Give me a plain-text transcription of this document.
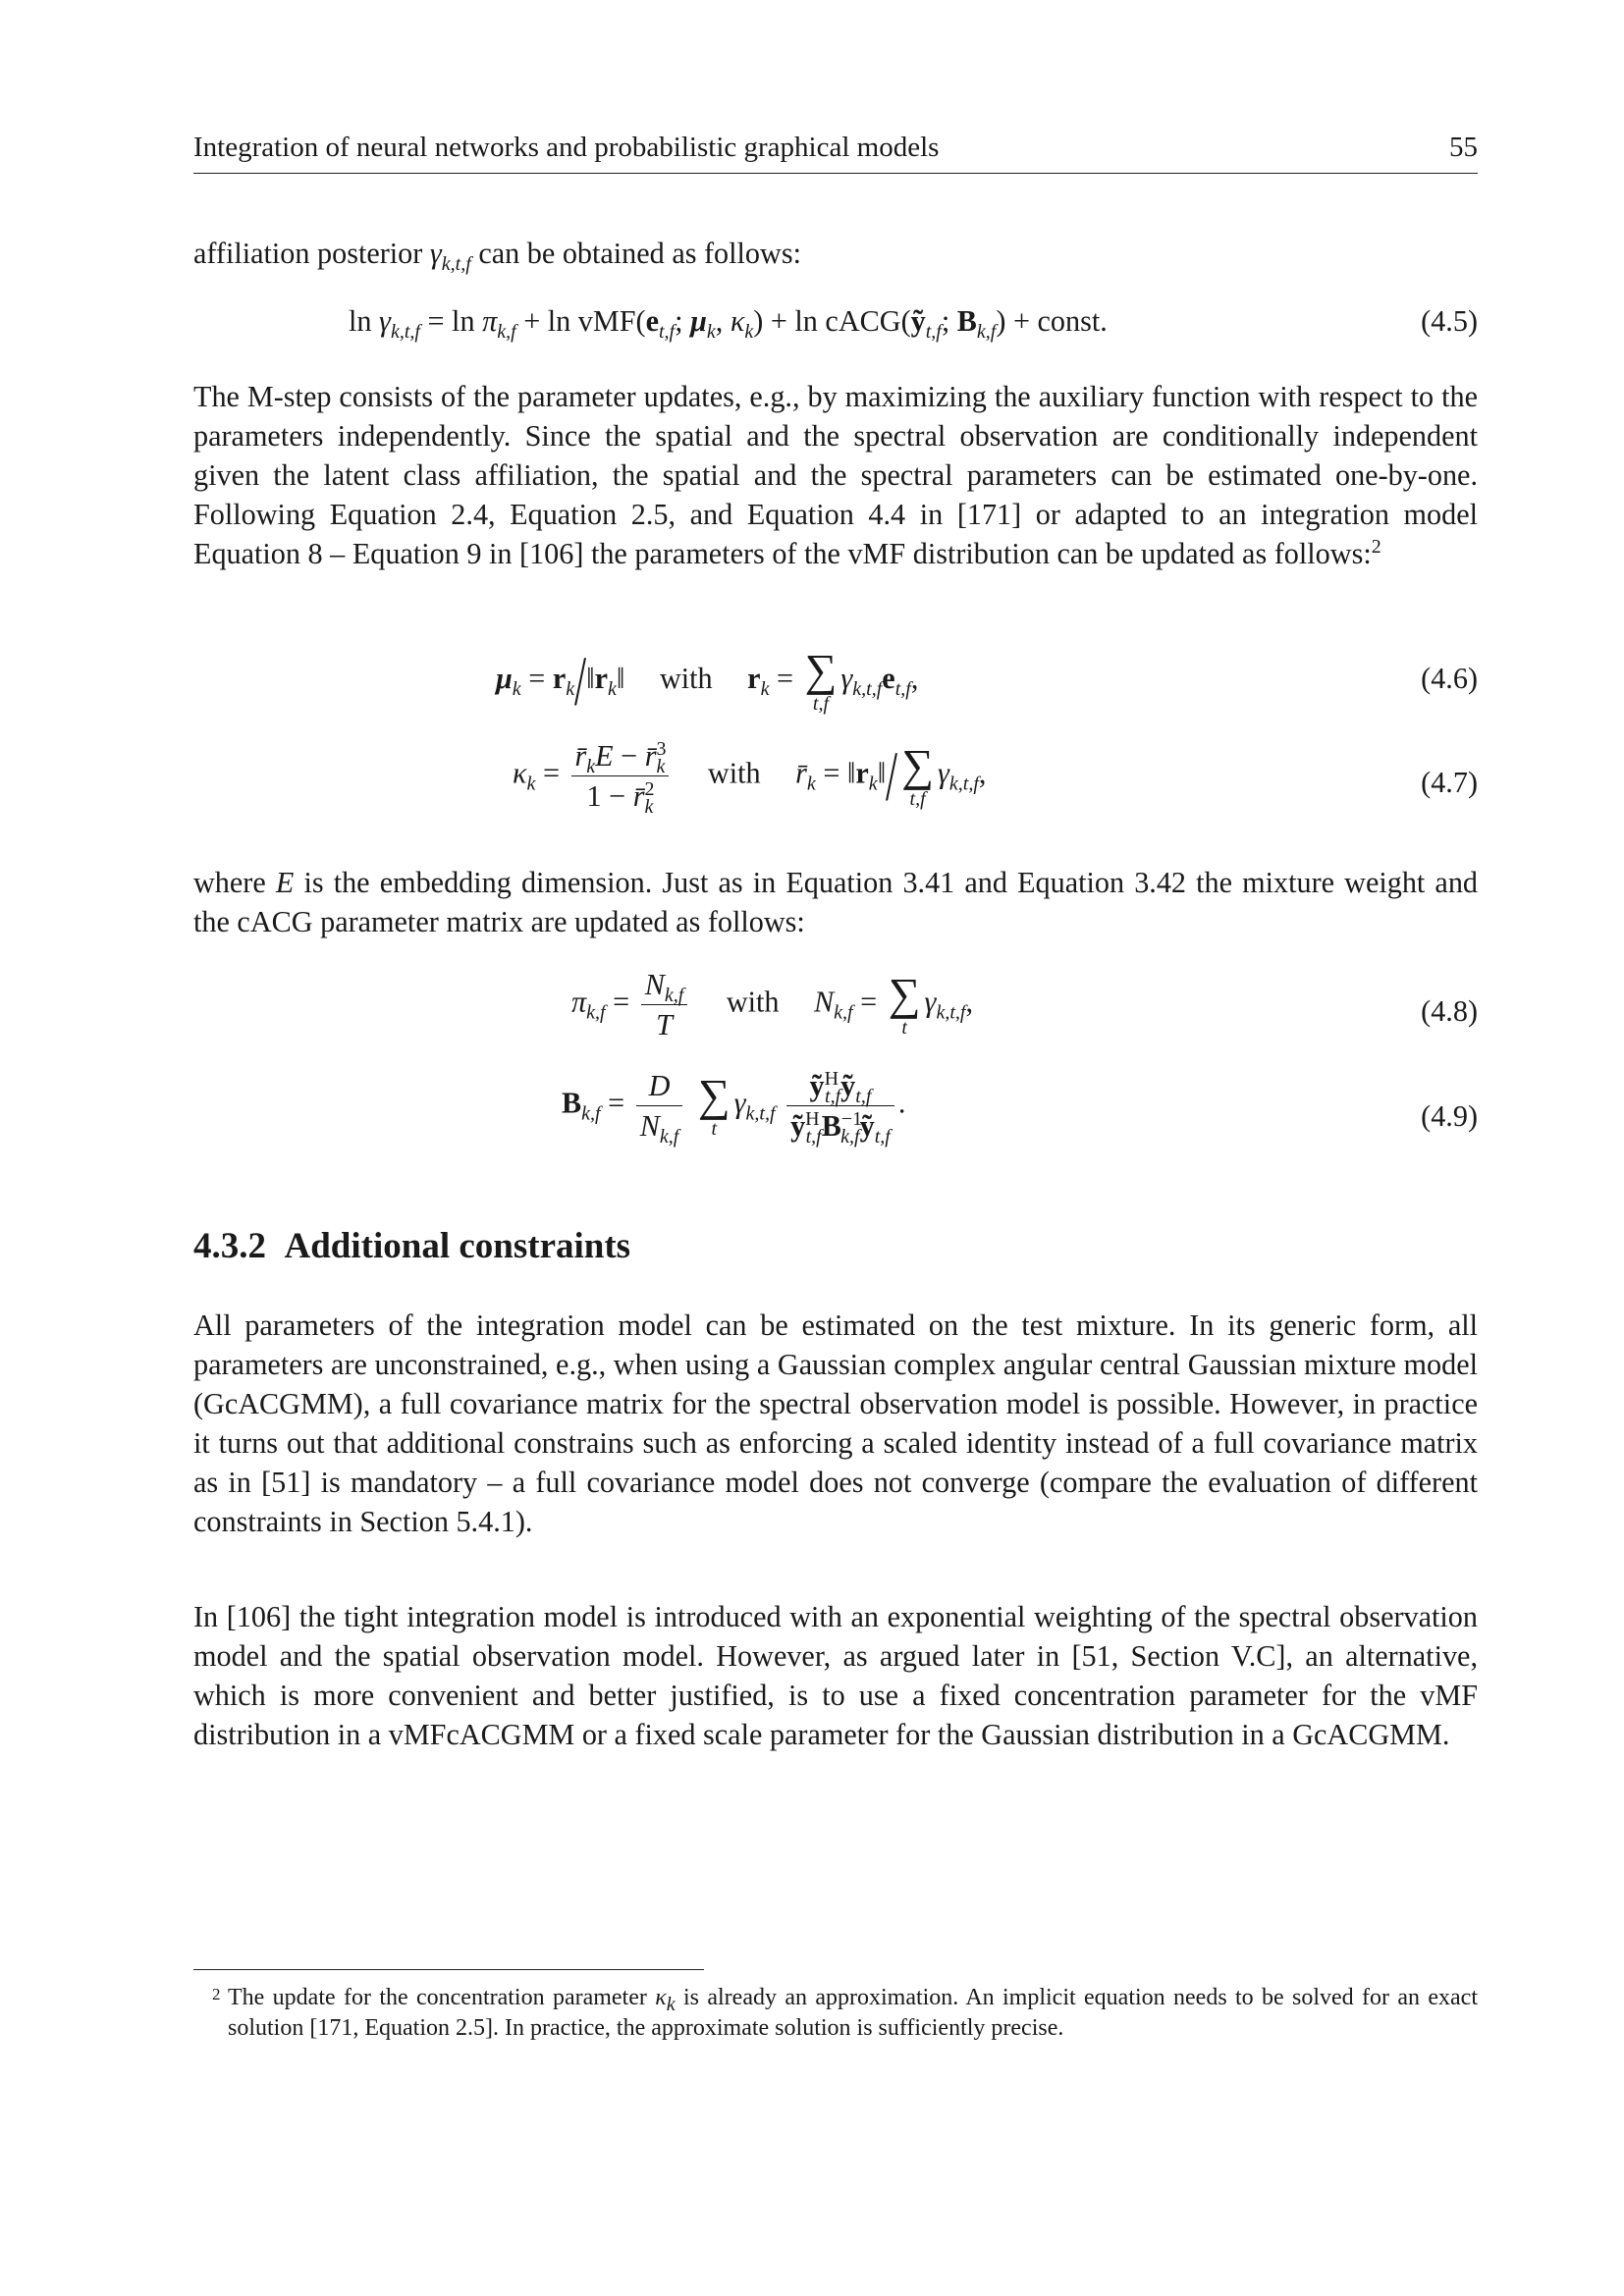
Integration of neural networks and probabilistic graphical models	55

affiliation posterior $\gamma_{k,t,f}$ can be obtained as follows:

$\ln \gamma_{k,t,f} = \ln \pi_{k,f} + \ln vMF(e_{t,f}$; $\mu_k$, $\kappa_k) + \ln$ cACG(ỹ$_{t,f}$; $B_{k,f}$) + const.	(4.5)

The M-step consists of the parameter updates, e.g., by maximizing the auxiliary function with respect to the parameters independently. Since the spatial and the spectral observation are conditionally independent given the latent class affiliation, the spatial and the spectral parameters can be estimated one-by-one. Following Equation 2.4, Equation 2.5, and Equation 4.4 in [171] or adapted to an integration model Equation 8 – Equation 9 in [106] the parameters of the vMF distribution can be updated as follows:$^2$

$\mu_k$ = $r_k/‖r_k‖$ with $r_k$ = ∑
t,f
$\gamma_{k,t,f}e_{t,f}$,	(4.6)
$\kappa_k = \frac{r̄_kE - r̄^3_k}{1 - r̄^2_k}$ with $r̄_k$ = $‖r_k‖/$ ∑
t,f
$\gamma_{k,t,f}$,	(4.7)

where E is the embedding dimension. Just as in Equation 3.41 and Equation 3.42 the mixture weight and the cACG parameter matrix are updated as follows:

$\pi_{k,f} = \frac{N_{k,f}}{T}$ with $N_{k,f}$ = ∑
t
$\gamma_{k,t,f}$,	(4.8)
$B_{k,f} = \frac{D}{N_{k,f}}$
∑
t
$\gamma_{k,t,f} \frac{ỹ^H_{t,f}ỹ_{t,f}}{ỹ^H_{t,f}B^{-1}_{k,f}ỹ_{t,f}}$ .	(4.9)
4.3.2 Additional constraints

All parameters of the integration model can be estimated on the test mixture. In its generic form, all parameters are unconstrained, e.g., when using a Gaussian complex angular central Gaussian mixture model (GcACGMM), a full covariance matrix for the spectral observation model is possible. However, in practice it turns out that additional constrains such as enforcing a scaled identity instead of a full covariance matrix as in [51] is mandatory – a full covariance model does not converge (compare the evaluation of different constraints in Section 5.4.1).

In [106] the tight integration model is introduced with an exponential weighting of the spectral observation model and the spatial observation model. However, as argued later in [51, Section V.C], an alternative, which is more convenient and better justified, is to use a fixed concentration parameter for the vMF distribution in a vMFcACGMM or a fixed scale parameter for the Gaussian distribution in a GcACGMM.

2 The update for the concentration parameter $\kappa_k$ is already an approximation. An implicit equation needs to be solved for an exact solution [171, Equation 2.5]. In practice, the approximate solution is sufficiently precise.
